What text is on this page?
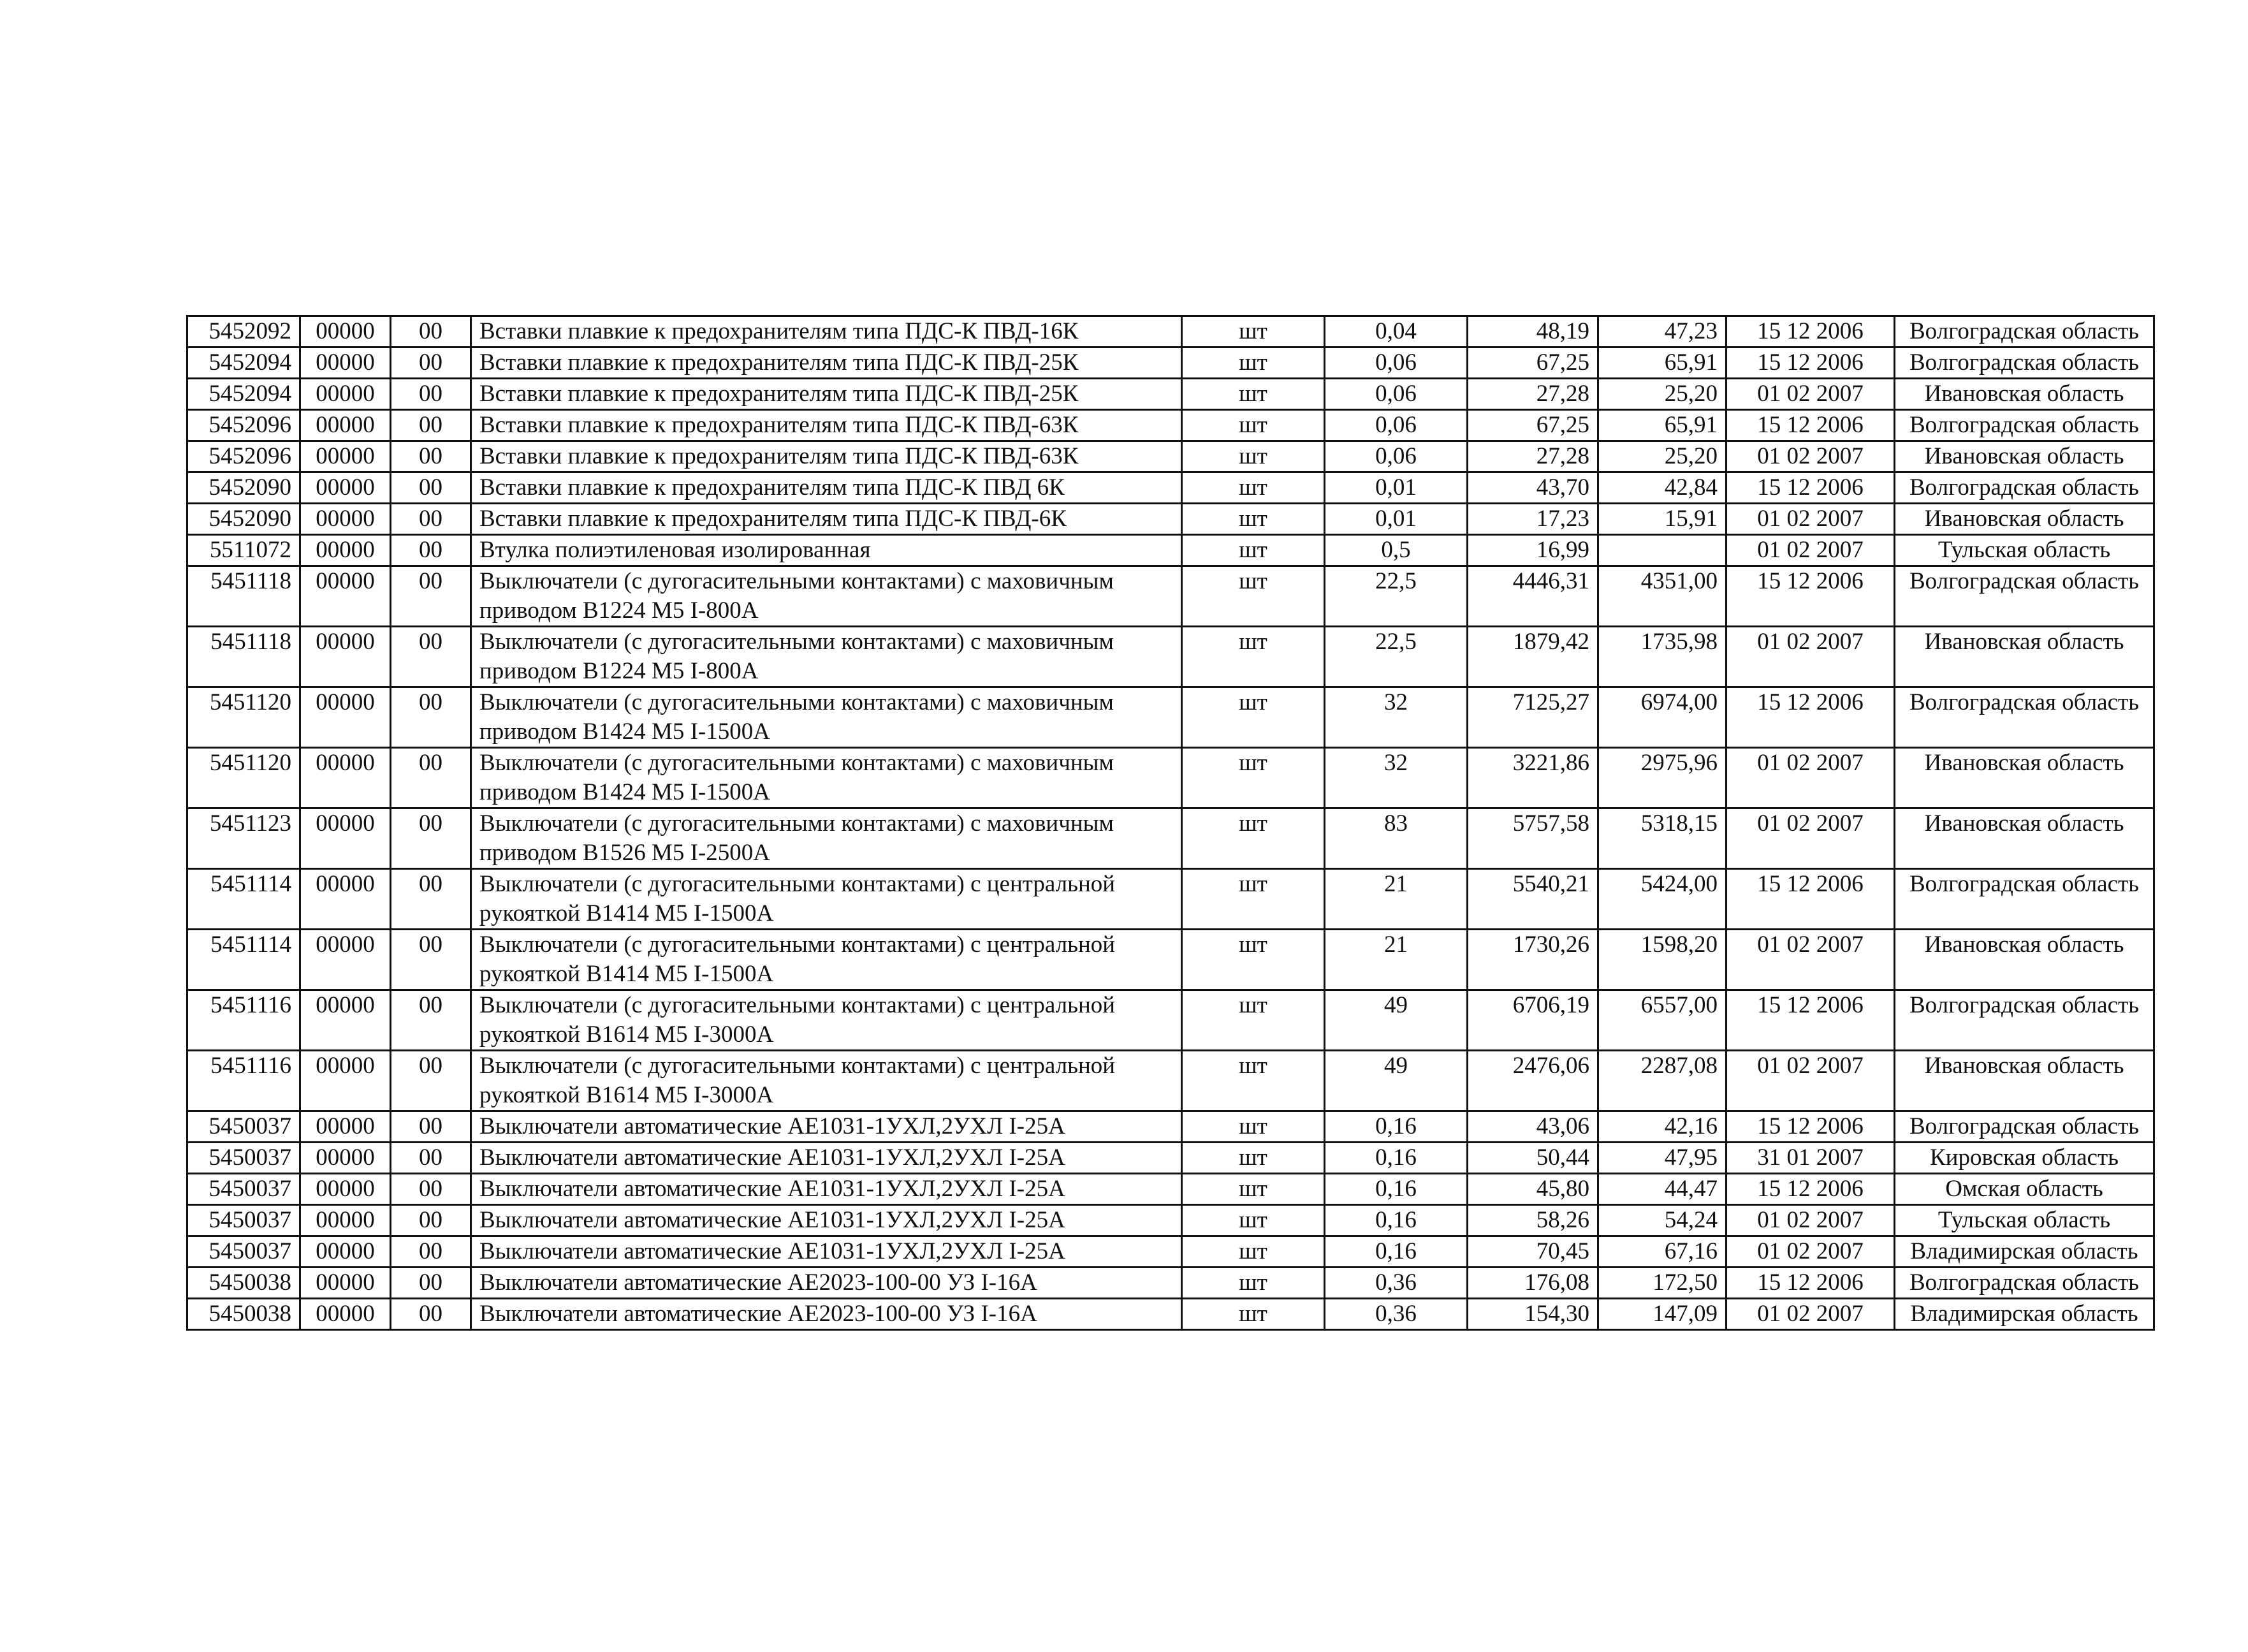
5452092	00000	00	Вставки плавкие к предохранителям типа ПДС-К ПВД-16К	шт	0,04	48,19	47,23	15 12 2006	Волгоградская область
5452094	00000	00	Вставки плавкие к предохранителям типа ПДС-К ПВД-25К	шт	0,06	67,25	65,91	15 12 2006	Волгоградская область
5452094	00000	00	Вставки плавкие к предохранителям типа ПДС-К ПВД-25К	шт	0,06	27,28	25,20	01 02 2007	Ивановская область
5452096	00000	00	Вставки плавкие к предохранителям типа ПДС-К ПВД-63К	шт	0,06	67,25	65,91	15 12 2006	Волгоградская область
5452096	00000	00	Вставки плавкие к предохранителям типа ПДС-К ПВД-63К	шт	0,06	27,28	25,20	01 02 2007	Ивановская область
5452090	00000	00	Вставки плавкие к предохранителям типа ПДС-К ПВД 6К	шт	0,01	43,70	42,84	15 12 2006	Волгоградская область
5452090	00000	00	Вставки плавкие к предохранителям типа ПДС-К ПВД-6К	шт	0,01	17,23	15,91	01 02 2007	Ивановская область
5511072	00000	00	Втулка полиэтиленовая изолированная	шт	0,5	16,99		01 02 2007	Тульская область
5451118	00000	00	Выключатели (с дугогасительными контактами) с маховичным приводом В1224 М5 I-800А	шт	22,5	4446,31	4351,00	15 12 2006	Волгоградская область
5451118	00000	00	Выключатели (с дугогасительными контактами) с маховичным приводом В1224 М5 I-800А	шт	22,5	1879,42	1735,98	01 02 2007	Ивановская область
5451120	00000	00	Выключатели (с дугогасительными контактами) с маховичным приводом В1424 М5 I-1500А	шт	32	7125,27	6974,00	15 12 2006	Волгоградская область
5451120	00000	00	Выключатели (с дугогасительными контактами) с маховичным приводом В1424 М5 I-1500А	шт	32	3221,86	2975,96	01 02 2007	Ивановская область
5451123	00000	00	Выключатели (с дугогасительными контактами) с маховичным приводом В1526 М5 I-2500А	шт	83	5757,58	5318,15	01 02 2007	Ивановская область
5451114	00000	00	Выключатели (с дугогасительными контактами) с центральной рукояткой В1414 М5 I-1500А	шт	21	5540,21	5424,00	15 12 2006	Волгоградская область
5451114	00000	00	Выключатели (с дугогасительными контактами) с центральной рукояткой В1414 М5 I-1500А	шт	21	1730,26	1598,20	01 02 2007	Ивановская область
5451116	00000	00	Выключатели (с дугогасительными контактами) с центральной рукояткой В1614 М5 I-3000А	шт	49	6706,19	6557,00	15 12 2006	Волгоградская область
5451116	00000	00	Выключатели (с дугогасительными контактами) с центральной рукояткой В1614 М5 I-3000А	шт	49	2476,06	2287,08	01 02 2007	Ивановская область
5450037	00000	00	Выключатели автоматические АЕ1031-1УХЛ,2УХЛ I-25А	шт	0,16	43,06	42,16	15 12 2006	Волгоградская область
5450037	00000	00	Выключатели автоматические АЕ1031-1УХЛ,2УХЛ I-25А	шт	0,16	50,44	47,95	31 01 2007	Кировская область
5450037	00000	00	Выключатели автоматические АЕ1031-1УХЛ,2УХЛ I-25А	шт	0,16	45,80	44,47	15 12 2006	Омская область
5450037	00000	00	Выключатели автоматические АЕ1031-1УХЛ,2УХЛ I-25А	шт	0,16	58,26	54,24	01 02 2007	Тульская область
5450037	00000	00	Выключатели автоматические АЕ1031-1УХЛ,2УХЛ I-25А	шт	0,16	70,45	67,16	01 02 2007	Владимирская область
5450038	00000	00	Выключатели автоматические АЕ2023-100-00 УЗ I-16А	шт	0,36	176,08	172,50	15 12 2006	Волгоградская область
5450038	00000	00	Выключатели автоматические АЕ2023-100-00 УЗ I-16А	шт	0,36	154,30	147,09	01 02 2007	Владимирская область
